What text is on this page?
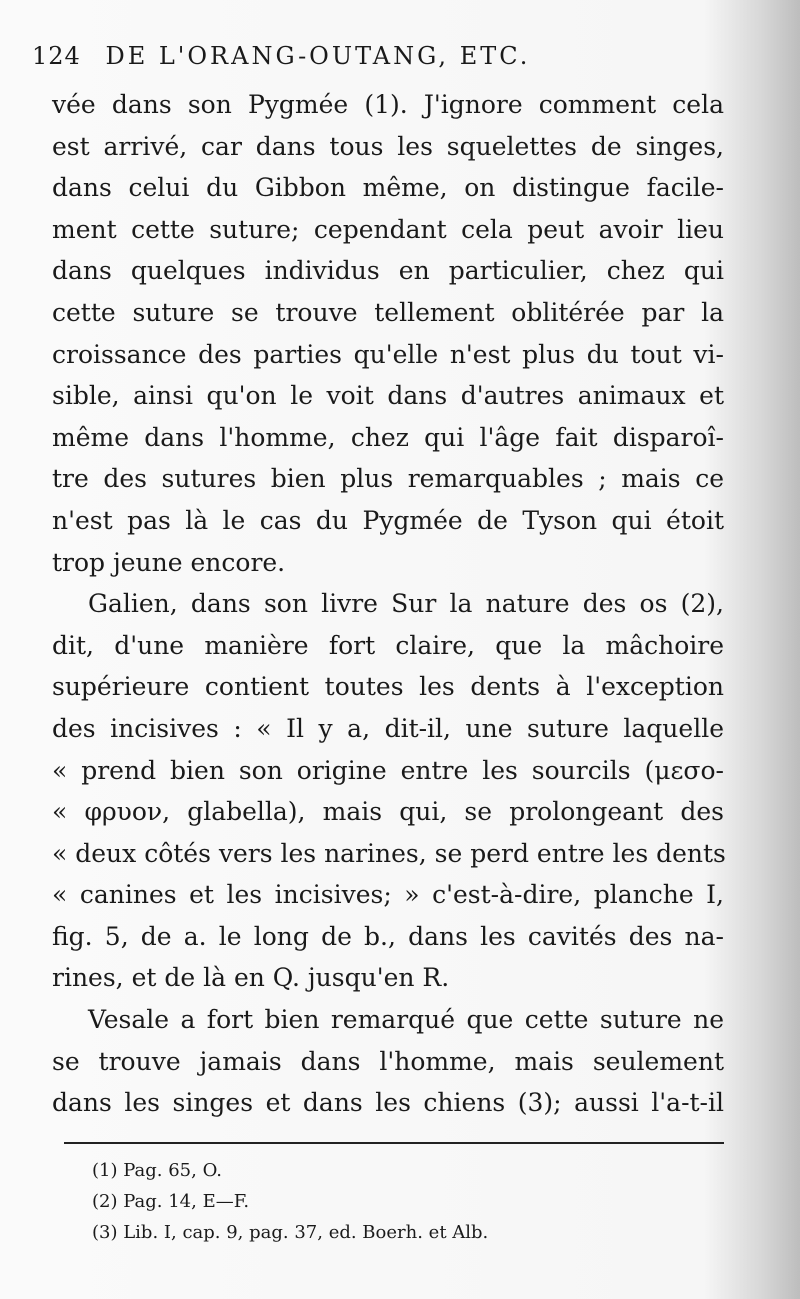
124 DE L'ORANG-OUTANG, ETC.
vée dans son Pygmée (1). J'ignore comment cela
est arrivé, car dans tous les squelettes de singes,
dans celui du Gibbon même, on distingue facile-
ment cette suture; cependant cela peut avoir lieu
dans quelques individus en particulier, chez qui
cette suture se trouve tellement oblitérée par la
croissance des parties qu'elle n'est plus du tout vi-
sible, ainsi qu'on le voit dans d'autres animaux et
même dans l'homme, chez qui l'âge fait disparoî-
tre des sutures bien plus remarquables ; mais ce
n'est pas là le cas du Pygmée de Tyson qui étoit
trop jeune encore.
Galien, dans son livre Sur la nature des os (2),
dit, d'une manière fort claire, que la mâchoire
supérieure contient toutes les dents à l'exception
des incisives : « Il y a, dit-il, une suture laquelle
« prend bien son origine entre les sourcils (μεσο-
« φρυον, glabella), mais qui, se prolongeant des
« deux côtés vers les narines, se perd entre les dents
« canines et les incisives; » c'est-à-dire, planche I,
fig. 5, de a. le long de b., dans les cavités des na-
rines, et de là en Q. jusqu'en R.
Vesale a fort bien remarqué que cette suture ne
se trouve jamais dans l'homme, mais seulement
dans les singes et dans les chiens (3); aussi l'a-t-il
(1) Pag. 65, O.
(2) Pag. 14, E—F.
(3) Lib. I, cap. 9, pag. 37, ed. Boerh. et Alb.
